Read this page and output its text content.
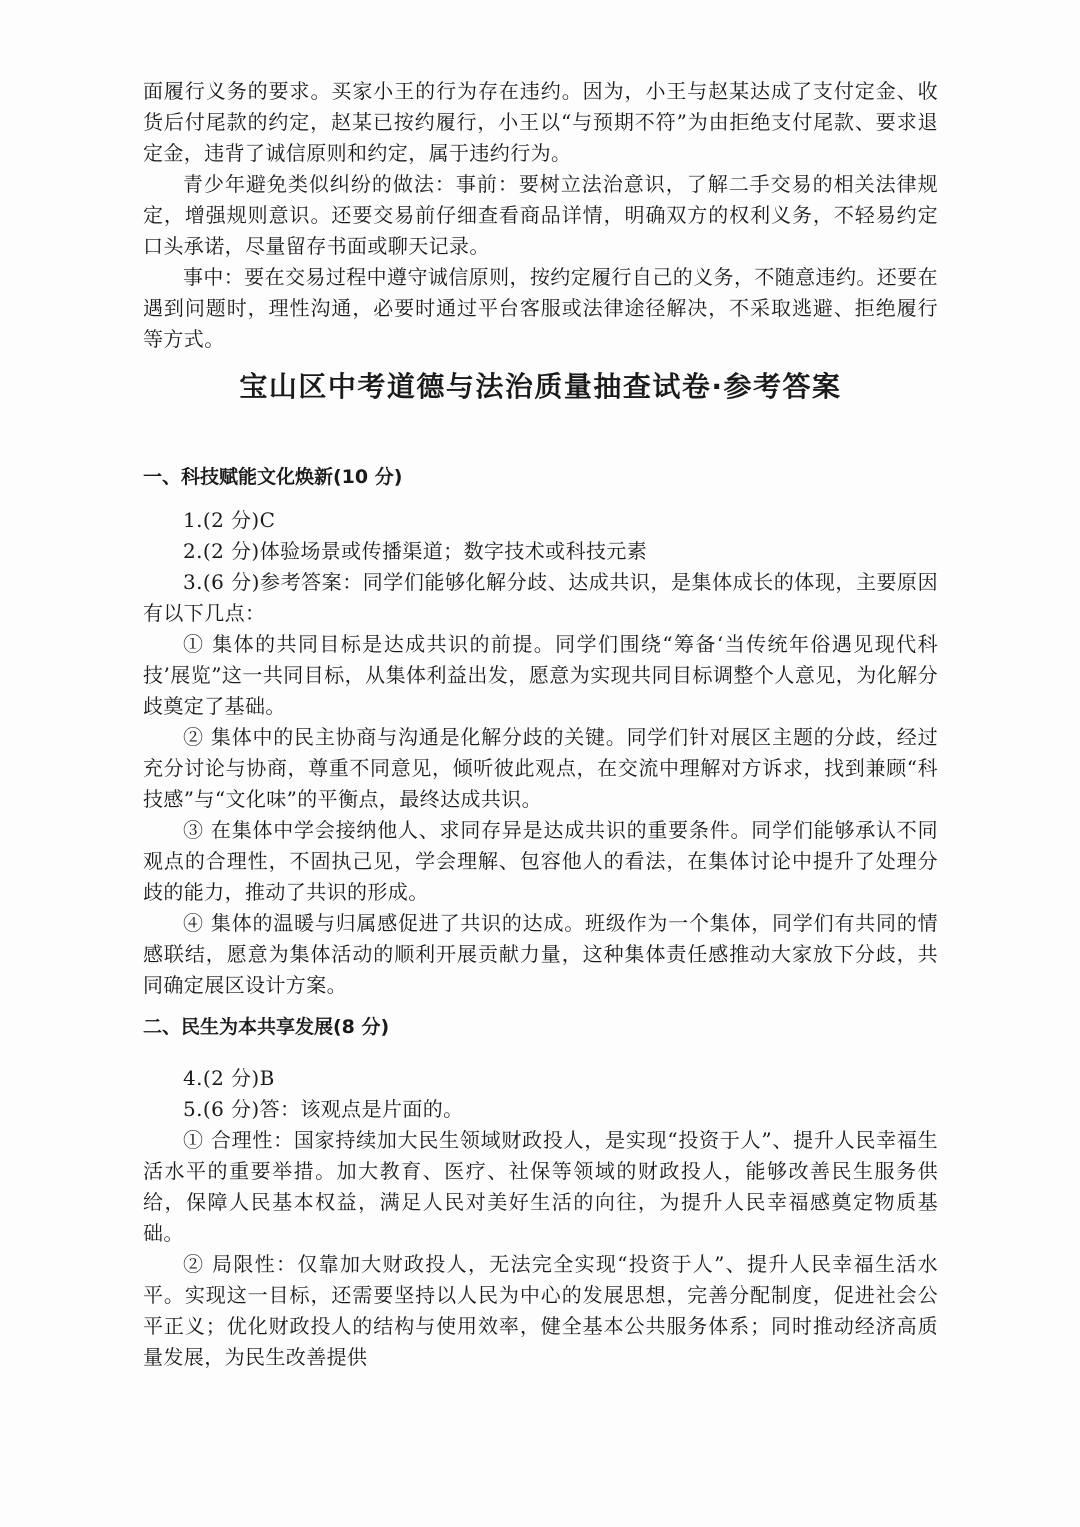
面履行义务的要求。买家小王的行为存在违约。因为，小王与赵某达成了支付定金、收货后付尾款的约定，赵某已按约履行，小王以“与预期不符”为由拒绝支付尾款、要求退定金，违背了诚信原则和约定，属于违约行为。

青少年避免类似纠纷的做法：事前：要树立法治意识，了解二手交易的相关法律规定，增强规则意识。还要交易前仔细查看商品详情，明确双方的权利义务，不轻易约定口头承诺，尽量留存书面或聊天记录。

事中：要在交易过程中遵守诚信原则，按约定履行自己的义务，不随意违约。还要在遇到问题时，理性沟通，必要时通过平台客服或法律途径解决，不采取逃避、拒绝履行等方式。

宝山区中考道德与法治质量抽查试卷·参考答案
一、科技赋能文化焕新(10 分)

1.(2 分)C

2.(2 分)体验场景或传播渠道；数字技术或科技元素

3.(6 分)参考答案：同学们能够化解分歧、达成共识，是集体成长的体现，主要原因有以下几点：

① 集体的共同目标是达成共识的前提。同学们围绕“筹备‘当传统年俗遇见现代科技’展览”这一共同目标，从集体利益出发，愿意为实现共同目标调整个人意见，为化解分歧奠定了基础。

② 集体中的民主协商与沟通是化解分歧的关键。同学们针对展区主题的分歧，经过充分讨论与协商，尊重不同意见，倾听彼此观点，在交流中理解对方诉求，找到兼顾“科技感”与“文化味”的平衡点，最终达成共识。

③ 在集体中学会接纳他人、求同存异是达成共识的重要条件。同学们能够承认不同观点的合理性，不固执己见，学会理解、包容他人的看法，在集体讨论中提升了处理分歧的能力，推动了共识的形成。

④ 集体的温暖与归属感促进了共识的达成。班级作为一个集体，同学们有共同的情感联结，愿意为集体活动的顺利开展贡献力量，这种集体责任感推动大家放下分歧，共同确定展区设计方案。

二、民生为本共享发展(8 分)

4.(2 分)B

5.(6 分)答：该观点是片面的。

① 合理性：国家持续加大民生领域财政投人，是实现“投资于人”、提升人民幸福生活水平的重要举措。加大教育、医疗、社保等领域的财政投人，能够改善民生服务供给，保障人民基本权益，满足人民对美好生活的向往，为提升人民幸福感奠定物质基础。

② 局限性：仅靠加大财政投人，无法完全实现“投资于人”、提升人民幸福生活水平。实现这一目标，还需要坚持以人民为中心的发展思想，完善分配制度，促进社会公平正义；优化财政投人的结构与使用效率，健全基本公共服务体系；同时推动经济高质量发展，为民生改善提供
